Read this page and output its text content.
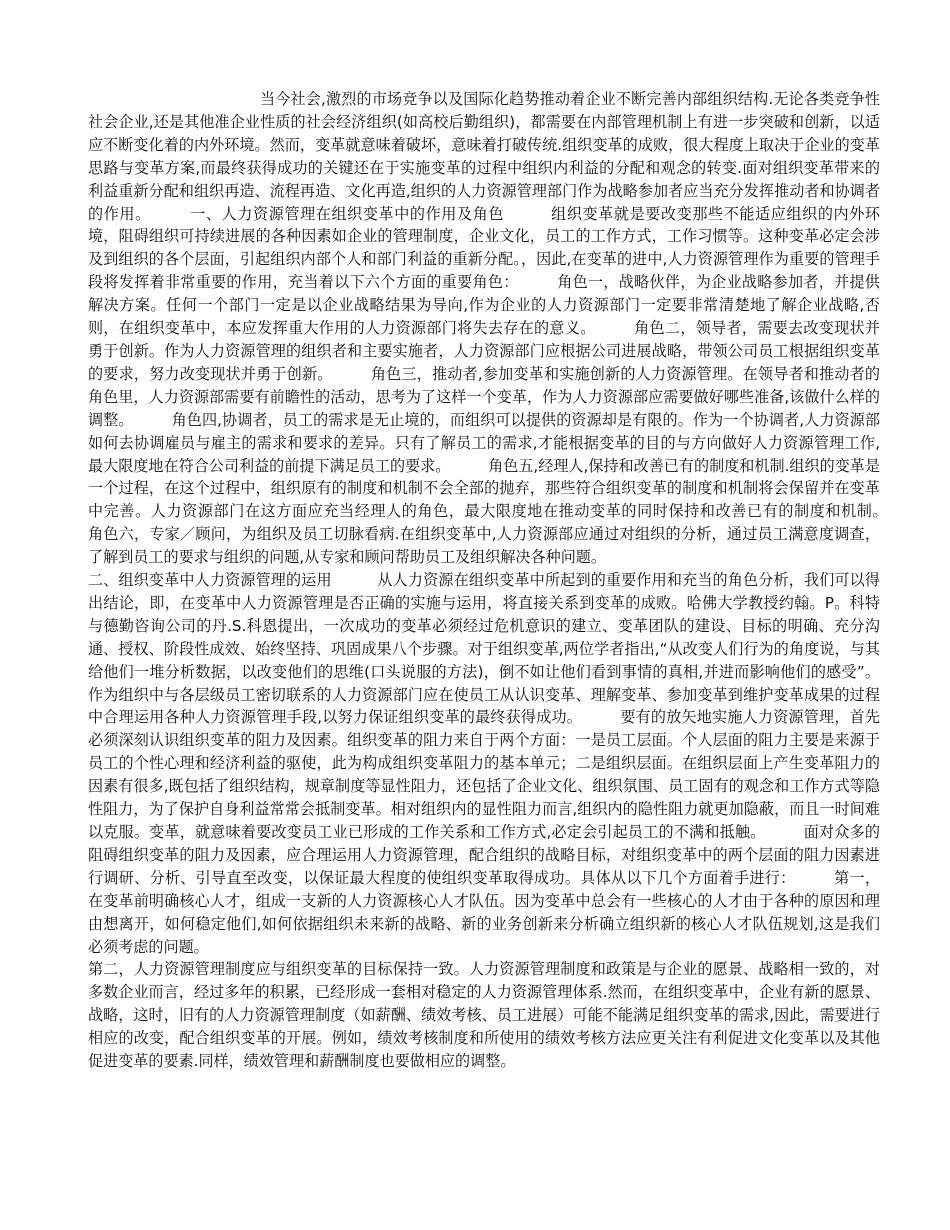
当今社会,激烈的市场竞争以及国际化趋势推动着企业不断完善内部组织结构.无论各类竞争性社会企业,还是其他准企业性质的社会经济组织(如高校后勤组织)，都需要在内部管理机制上有进一步突破和创新，以适应不断变化着的内外环境。然而，变革就意味着破坏，意味着打破传统.组织变革的成败，很大程度上取决于企业的变革思路与变革方案,而最终获得成功的关键还在于实施变革的过程中组织内利益的分配和观念的转变.面对组织变革带来的利益重新分配和组织再造、流程再造、文化再造,组织的人力资源管理部门作为战略参加者应当充分发挥推动者和协调者的作用。　　　一、人力资源管理在组织变革中的作用及角色　　　组织变革就是要改变那些不能适应组织的内外环境，阻碍组织可持续进展的各种因素如企业的管理制度，企业文化，员工的工作方式，工作习惯等。这种变革必定会涉及到组织的各个层面，引起组织内部个人和部门利益的重新分配。，因此,在变革的进中,人力资源管理作为重要的管理手段将发挥着非常重要的作用，充当着以下六个方面的重要角色：　　　角色一，战略伙伴，为企业战略参加者，并提供解决方案。任何一个部门一定是以企业战略结果为导向,作为企业的人力资源部门一定要非常清楚地了解企业战略,否则，在组织变革中，本应发挥重大作用的人力资源部门将失去存在的意义。　　　角色二，领导者，需要去改变现状并勇于创新。作为人力资源管理的组织者和主要实施者，人力资源部门应根据公司进展战略，带领公司员工根据组织变革的要求，努力改变现状并勇于创新。　　　角色三，推动者,参加变革和实施创新的人力资源管理。在领导者和推动者的角色里，人力资源部需要有前瞻性的活动，思考为了这样一个变革，作为人力资源部应需要做好哪些准备,该做什么样的调整。　　　角色四,协调者，员工的需求是无止境的，而组织可以提供的资源却是有限的。作为一个协调者,人力资源部如何去协调雇员与雇主的需求和要求的差异。只有了解员工的需求,才能根据变革的目的与方向做好人力资源管理工作,最大限度地在符合公司利益的前提下满足员工的要求。　　　角色五,经理人,保持和改善已有的制度和机制.组织的变革是一个过程，在这个过程中，组织原有的制度和机制不会全部的抛弃，那些符合组织变革的制度和机制将会保留并在变革中完善。人力资源部门在这方面应充当经理人的角色，最大限度地在推动变革的同时保持和改善已有的制度和机制。　　　角色六，专家／顾问，为组织及员工切脉看病.在组织变革中,人力资源部应通过对组织的分析，通过员工满意度调查，了解到员工的要求与组织的问题,从专家和顾问帮助员工及组织解决各种问题。

二、组织变革中人力资源管理的运用　　　从人力资源在组织变革中所起到的重要作用和充当的角色分析，我们可以得出结论，即，在变革中人力资源管理是否正确的实施与运用，将直接关系到变革的成败。哈佛大学教授约翰。P。科特与德勤咨询公司的丹.S.科恩提出，一次成功的变革必须经过危机意识的建立、变革团队的建设、目标的明确、充分沟通、授权、阶段性成效、始终坚持、巩固成果八个步骤。对于组织变革,两位学者指出,“从改变人们行为的角度说，与其给他们一堆分析数据，以改变他们的思维(口头说服的方法)，倒不如让他们看到事情的真相,并进而影响他们的感受”。作为组织中与各层级员工密切联系的人力资源部门应在使员工从认识变革、理解变革、参加变革到维护变革成果的过程中合理运用各种人力资源管理手段,以努力保证组织变革的最终获得成功。　　　要有的放矢地实施人力资源管理，首先必须深刻认识组织变革的阻力及因素。组织变革的阻力来自于两个方面：一是员工层面。个人层面的阻力主要是来源于员工的个性心理和经济利益的驱使，此为构成组织变革阻力的基本单元；二是组织层面。在组织层面上产生变革阻力的因素有很多,既包括了组织结构，规章制度等显性阻力，还包括了企业文化、组织氛围、员工固有的观念和工作方式等隐性阻力，为了保护自身利益常常会抵制变革。相对组织内的显性阻力而言,组织内的隐性阻力就更加隐蔽，而且一时间难以克服。变革，就意味着要改变员工业已形成的工作关系和工作方式,必定会引起员工的不满和抵触。　　　面对众多的阻碍组织变革的阻力及因素，应合理运用人力资源管理，配合组织的战略目标，对组织变革中的两个层面的阻力因素进行调研、分析、引导直至改变，以保证最大程度的使组织变革取得成功。具体从以下几个方面着手进行：　　　第一，在变革前明确核心人才，组成一支新的人力资源核心人才队伍。因为变革中总会有一些核心的人才由于各种的原因和理由想离开，如何稳定他们,如何依据组织未来新的战略、新的业务创新来分析确立组织新的核心人才队伍规划,这是我们必须考虑的问题。

第二，人力资源管理制度应与组织变革的目标保持一致。人力资源管理制度和政策是与企业的愿景、战略相一致的，对多数企业而言，经过多年的积累，已经形成一套相对稳定的人力资源管理体系.然而，在组织变革中，企业有新的愿景、战略，这时，旧有的人力资源管理制度（如薪酬、绩效考核、员工进展）可能不能满足组织变革的需求,因此，需要进行相应的改变，配合组织变革的开展。例如，绩效考核制度和所使用的绩效考核方法应更关注有利促进文化变革以及其他促进变革的要素.同样，绩效管理和薪酬制度也要做相应的调整。
